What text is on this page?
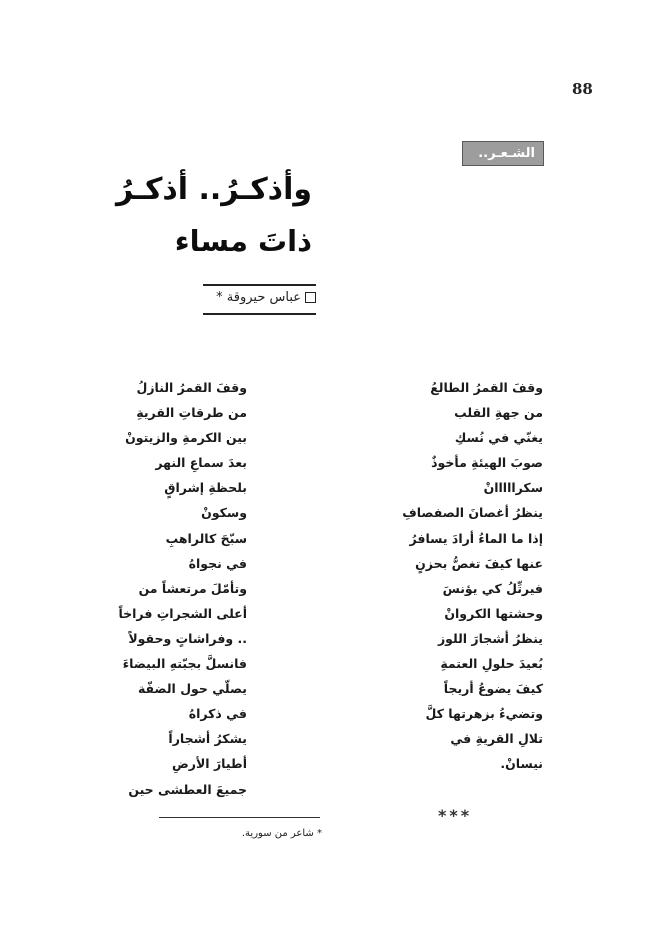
88
الشـعـر..
وأذكـرُ.. أذكـرُ
ذاتَ مساء
عباس حيروقة *
وقفَ القمرُ الطالعُ
من جهةِ القلب
يغنّي في نُسكِ
صوبَ الهيئةِ مأخوذٌ
سكرااااانْ
ينظرُ أغصانَ الصفصافِ
إذا ما الماءُ أرادَ يسافرُ
عنها كيفَ تغصُّ بحزنٍ
فيرتِّلُ كي يؤنسَ
وحشتها الكروانْ
ينظرُ أشجارَ اللوز
بُعيدَ حلولِ العتمةِ
كيفَ يضوعُ أريجاً
وتضيءُ بزهرتها كلَّ
تلالِ القريةِ في
نيسانْ.
وقفَ القمرُ النازلُ
من طرقاتِ القريةِ
بين الكرمةِ والزيتونْ
بعدَ سماعِ النهر
بلحظةِ إشراقٍ
وسكونْ
سبّحَ كالراهبِ
في نجواهُ
وتأمّلَ مرتعشاً من
أعلى الشجراتِ فراخاً
.. وفراشاتٍ وحقولاً
فانسلَّ بجبّتهِ البيضاءَ
يصلّي حول الضفّة
في ذكراهُ
يشكرُ أشجاراً
أطيارَ الأرضِ
جميعَ العطشى حين
***
* شاعر من سورية.
